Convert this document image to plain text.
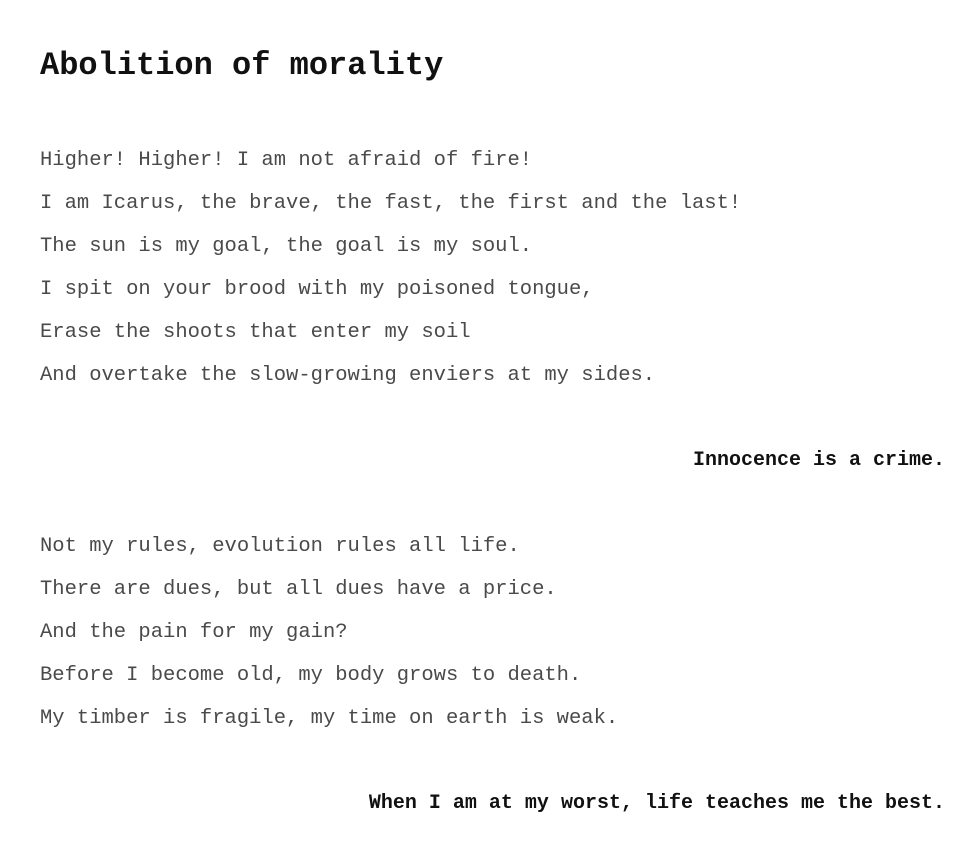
Abolition of morality
Higher! Higher! I am not afraid of fire!
I am Icarus, the brave, the fast, the first and the last!
The sun is my goal, the goal is my soul.
I spit on your brood with my poisoned tongue,
Erase the shoots that enter my soil
And overtake the slow-growing enviers at my sides.

Innocence is a crime.

Not my rules, evolution rules all life.
There are dues, but all dues have a price.
And the pain for my gain?
Before I become old, my body grows to death.
My timber is fragile, my time on earth is weak.

When I am at my worst, life teaches me the best.
